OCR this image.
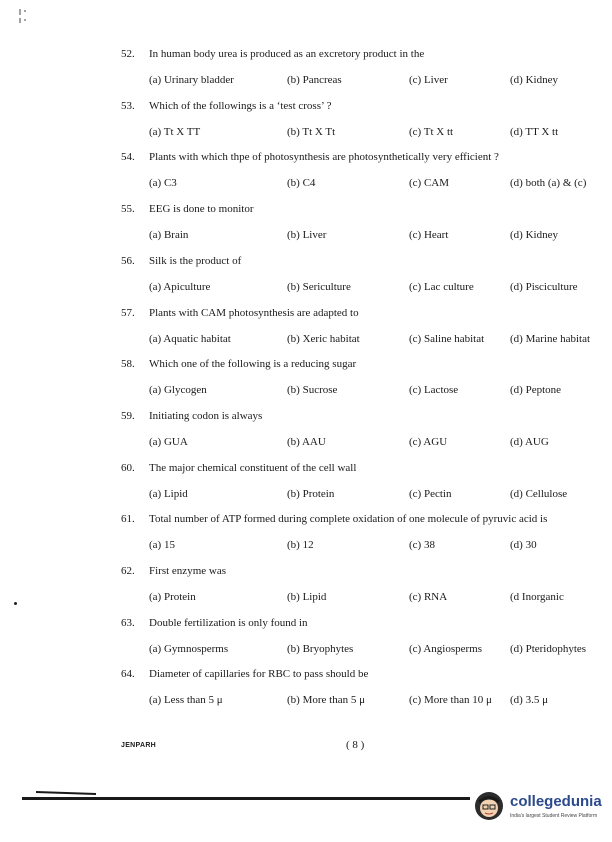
52.	In human body urea is produced as an excretory product in the
(a) Urinary bladder	(b) Pancreas	(c) Liver	(d) Kidney
53.	Which of the followings is a ‘test cross’ ?
(a) Tt X TT	(b) Tt X Tt	(c) Tt X tt	(d) TT X tt
54.	Plants with which thpe of photosynthesis are photosynthetically very efficient ?
(a) C3	(b) C4	(c) CAM	(d) both (a) & (c)
55.	EEG is done to monitor
(a) Brain	(b) Liver	(c) Heart	(d) Kidney
56.	Silk is the product of
(a) Apiculture	(b) Sericulture	(c) Lac culture	(d) Pisciculture
57.	Plants with CAM photosynthesis are adapted to
(a) Aquatic habitat	(b) Xeric habitat	(c) Saline habitat (d) Marine habitat
58.	Which one of the following is a reducing sugar
(a) Glycogen	(b) Sucrose	(c) Lactose	(d) Peptone
59.	Initiating codon is always
(a) GUA	(b) AAU	(c) AGU	(d) AUG
60.	The major chemical constituent of the cell wall
(a) Lipid	(b) Protein	(c) Pectin	(d) Cellulose
61.	Total number of ATP formed during complete oxidation of one molecule of pyruvic acid is
(a) 15	(b) 12	(c) 38	(d) 30
62.	First enzyme was
(a) Protein	(b) Lipid	(c) RNA	(d Inorganic
63.	Double fertilization is only found in
(a) Gymnosperms	(b) Bryophytes	(c) Angiosperms	(d) Pteridophytes
64.	Diameter of capillaries for RBC to pass should be
(a) Less than 5 μ	(b) More than 5 μ	(c) More than 10 μ (d) 3.5 μ
JENPARH	( 8 )
collegedunia
India's largest Student Review Platform
